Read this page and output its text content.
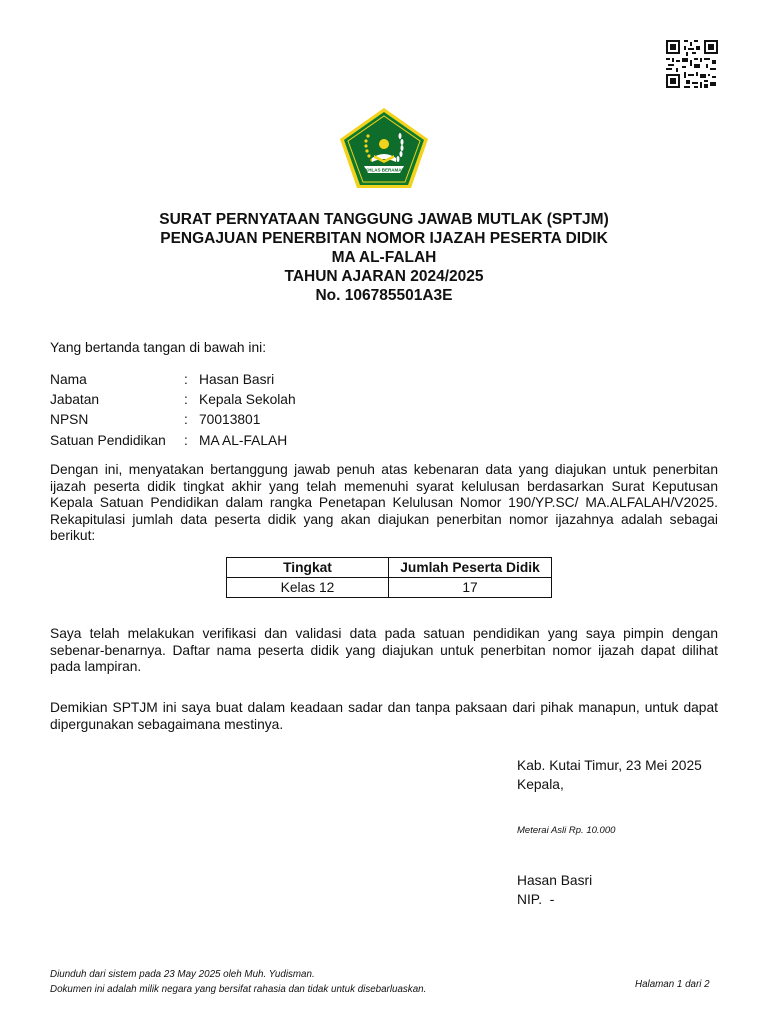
IKHLAS BERAMAL
SURAT PERNYATAAN TANGGUNG JAWAB MUTLAK (SPTJM)
PENGAJUAN PENERBITAN NOMOR IJAZAH PESERTA DIDIK
MA AL-FALAH
TAHUN AJARAN 2024/2025
No. 106785501A3E
Yang bertanda tangan di bawah ini:
Nama	: Hasan Basri
Jabatan	: Kepala Sekolah
NPSN	: 70013801
Satuan Pendidikan	: MA AL-FALAH
Dengan ini, menyatakan bertanggung jawab penuh atas kebenaran data yang diajukan untuk penerbitan ijazah peserta didik tingkat akhir yang telah memenuhi syarat kelulusan berdasarkan Surat Keputusan Kepala Satuan Pendidikan dalam rangka Penetapan Kelulusan Nomor 190/YP.SC/ MA.ALFALAH/V2025. Rekapitulasi jumlah data peserta didik yang akan diajukan penerbitan nomor ijazahnya adalah sebagai berikut:
Tingkat	Jumlah Peserta Didik
Kelas 12	17
Saya telah melakukan verifikasi dan validasi data pada satuan pendidikan yang saya pimpin dengan sebenar-benarnya. Daftar nama peserta didik yang diajukan untuk penerbitan nomor ijazah dapat dilihat pada lampiran.
Demikian SPTJM ini saya buat dalam keadaan sadar dan tanpa paksaan dari pihak manapun, untuk dapat dipergunakan sebagaimana mestinya.
Kab. Kutai Timur, 23 Mei 2025
Kepala,
Meterai Asli Rp. 10.000
Hasan Basri
NIP.  -
Diunduh dari sistem pada 23 May 2025 oleh Muh. Yudisman.
Dokumen ini adalah milik negara yang bersifat rahasia dan tidak untuk disebarluaskan.	Halaman 1 dari 2
